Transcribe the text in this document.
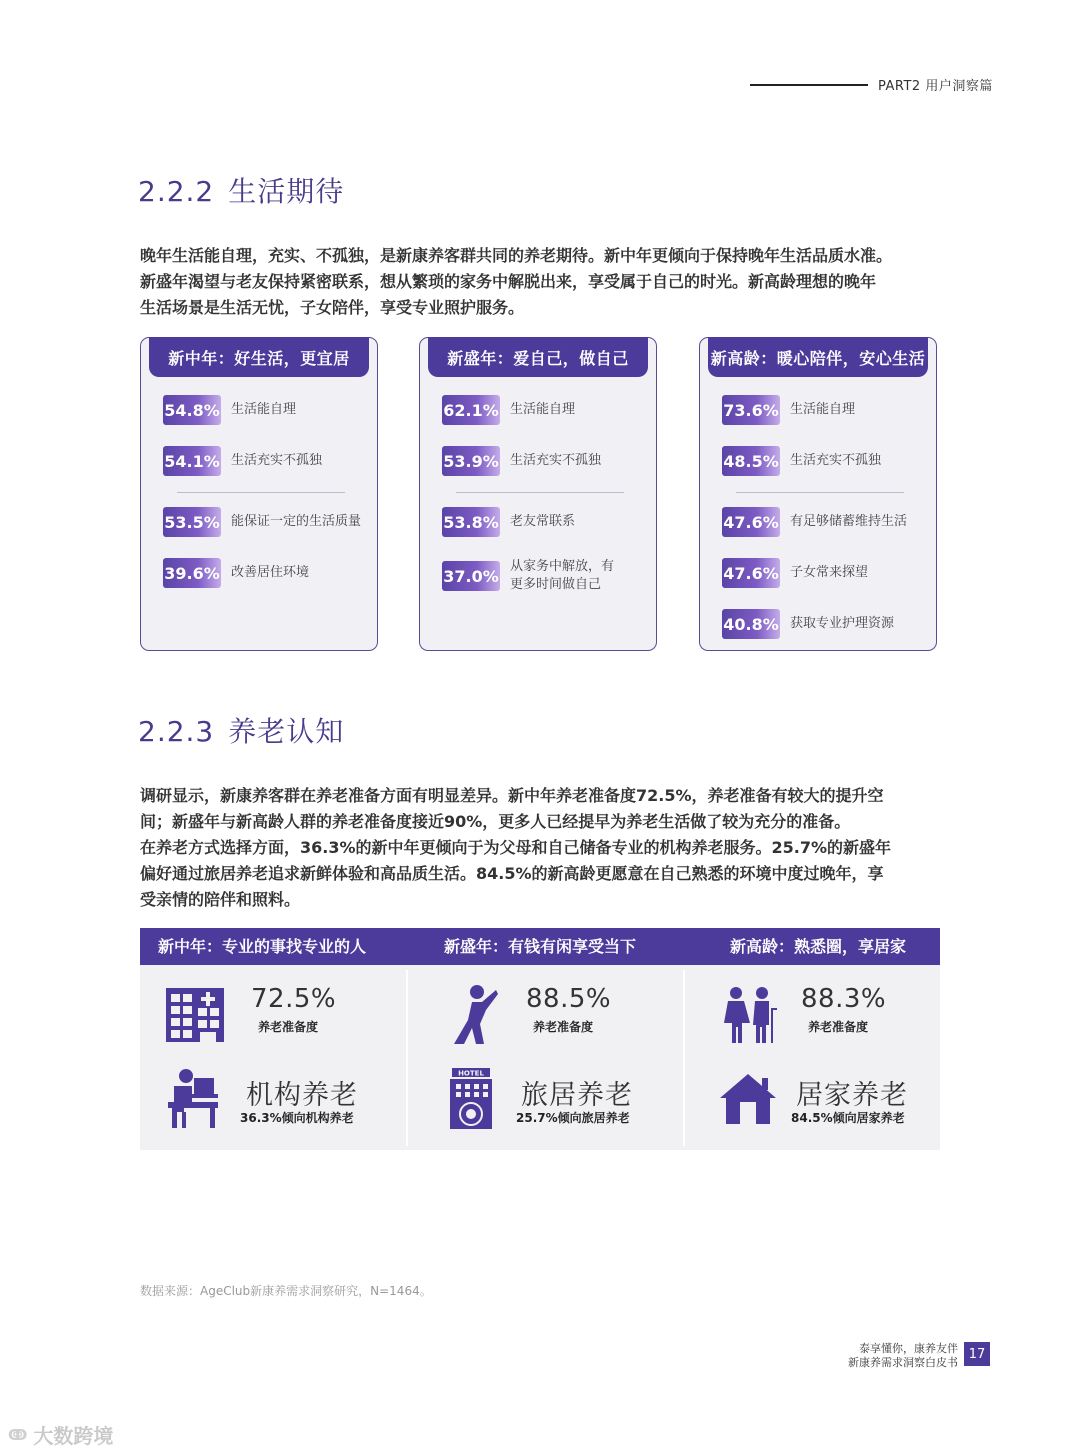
PART2 用户洞察篇
2.2.2 生活期待
晚年生活能自理，充实、不孤独，是新康养客群共同的养老期待。新中年更倾向于保持晚年生活品质水准。
新盛年渴望与老友保持紧密联系，想从繁琐的家务中解脱出来，享受属于自己的时光。新高龄理想的晚年
生活场景是生活无忧，子女陪伴，享受专业照护服务。
新中年：好生活，更宜居
54.8% 生活能自理
54.1% 生活充实不孤独
53.5% 能保证一定的生活质量
39.6% 改善居住环境
新盛年：爱自己，做自己
62.1% 生活能自理
53.9% 生活充实不孤独
53.8% 老友常联系
37.0% 从家务中解放，有
更多时间做自己
新高龄：暖心陪伴，安心生活
73.6% 生活能自理
48.5% 生活充实不孤独
47.6% 有足够储蓄维持生活
47.6% 子女常来探望
40.8% 获取专业护理资源
2.2.3 养老认知
调研显示，新康养客群在养老准备方面有明显差异。新中年养老准备度72.5%，养老准备有较大的提升空
间；新盛年与新高龄人群的养老准备度接近90%，更多人已经提早为养老生活做了较为充分的准备。
在养老方式选择方面，36.3%的新中年更倾向于为父母和自己储备专业的机构养老服务。25.7%的新盛年
偏好通过旅居养老追求新鲜体验和高品质生活。84.5%的新高龄更愿意在自己熟悉的环境中度过晚年，享
受亲情的陪伴和照料。
新中年：专业的事找专业的人	新盛年：有钱有闲享受当下	新高龄：熟悉圈，享居家
72.5%
养老准备度
机构养老
36.3%倾向机构养老
88.5%
养老准备度
HOTEL
旅居养老
25.7%倾向旅居养老
88.3%
养老准备度
居家养老
84.5%倾向居家养老
数据来源：AgeClub新康养需求洞察研究，N=1464。
泰享懂你，康养友伴
新康养需求洞察白皮书
17
ↂ 大数跨境
